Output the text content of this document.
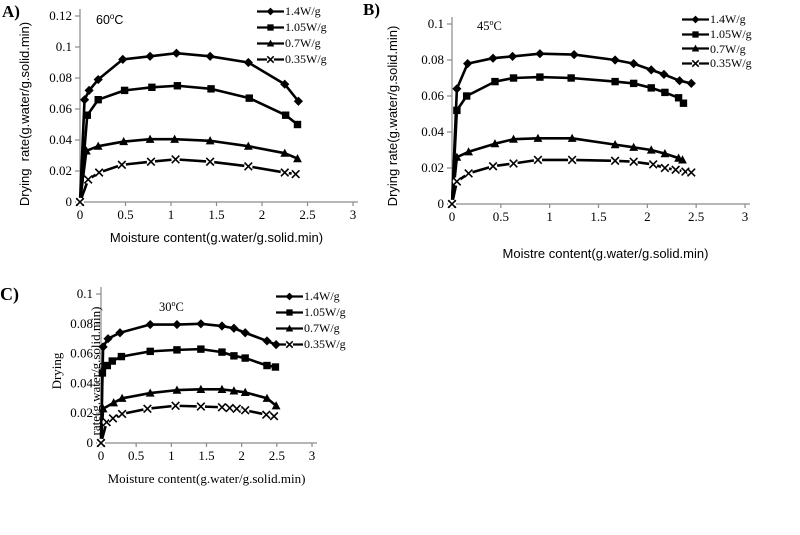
0	0.5	1	1.5	2	2.5	3
0
0.02
0.04
0.06
0.08
0.1
0.12
A)
Drying  rate(g.water/g.solid.min)
60$^o$C
Moisture content(g.water/g.solid.min)
1.4W/g
1.05W/g
0.7W/g
0.35W/g
0	0.5	1	1.5	2	2.5	3
0
0.02
0.04
0.06
0.08
0.1
B)
Drying rate(g.water/g.solid.min)	45$^o$C
Moistre content(g.water/g.solid.min)
1.4W/g
1.05W/g
0.7W/g
0.35W/g
0 0.5 1 1.5 2 2.5 3
0
0.02
0.04
0.06
0.08
0.1
C)

Drying

rate(g.water/g.solid.min)

	30$^o$C
Moisture content(g.water/g.solid.min)
1.4W/g
1.05W/g
0.7W/g
0.35W/g
